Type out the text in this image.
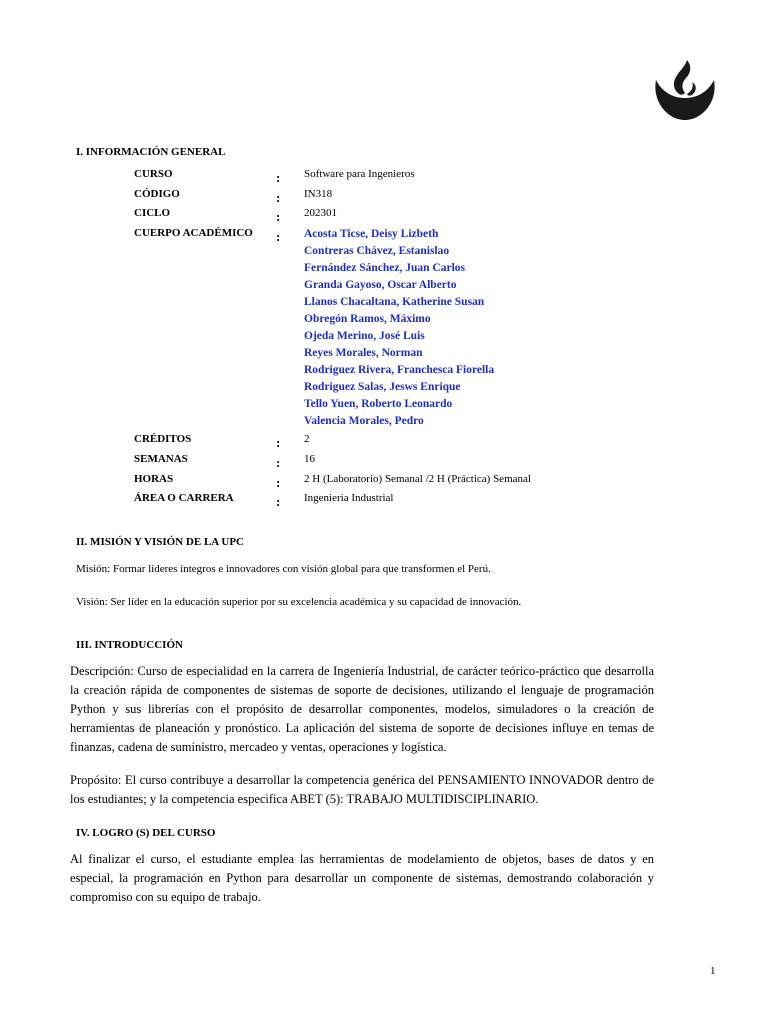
I. INFORMACIÓN GENERAL
CURSO	: Software para Ingenieros
CÓDIGO	: IN318
CICLO	: 202301
CUERPO ACADÉMICO : Acosta Ticse, Deisy Lizbeth
Contreras Chávez, Estanislao
Fernández Sánchez, Juan Carlos
Granda Gayoso, Oscar Alberto
Llanos Chacaltana, Katherine Susan
Obregón Ramos, Máximo
Ojeda Merino, José Luis
Reyes Morales, Norman
Rodriguez Rivera, Franchesca Fiorella
Rodriguez Salas, Jesws Enrique
Tello Yuen, Roberto Leonardo
Valencia Morales, Pedro
CRÉDITOS	: 2
SEMANAS	: 16
HORAS	: 2 H (Laboratorio) Semanal /2 H (Práctica) Semanal
ÁREA O CARRERA	: Ingenieria Industrial
II. MISIÓN Y VISIÓN DE LA UPC
Misión: Formar líderes íntegros e innovadores con visión global para que transformen el Perú.
Visión: Ser líder en la educación superior por su excelencia académica y su capacidad de innovación.
III. INTRODUCCIÓN

Descripción: Curso de especialidad en la carrera de Ingeniería Industrial, de carácter teórico-práctico que desarrolla la creación rápida de componentes de sistemas de soporte de decisiones, utilizando el lenguaje de programación Python y sus librerías con el propósito de desarrollar componentes, modelos, simuladores o la creación de herramientas de planeación y pronóstico. La aplicación del sistema de soporte de decisiones influye en temas de finanzas, cadena de suministro, mercadeo y ventas, operaciones y logística.

Propósito: El curso contribuye a desarrollar la competencia genérica del PENSAMIENTO INNOVADOR dentro de los estudiantes; y la competencia especifica ABET (5): TRABAJO MULTIDISCIPLINARIO.

IV. LOGRO (S) DEL CURSO

Al finalizar el curso, el estudiante emplea las herramientas de modelamiento de objetos, bases de datos y en especial, la programación en Python para desarrollar un componente de sistemas, demostrando colaboración y compromiso con su equipo de trabajo.

1
